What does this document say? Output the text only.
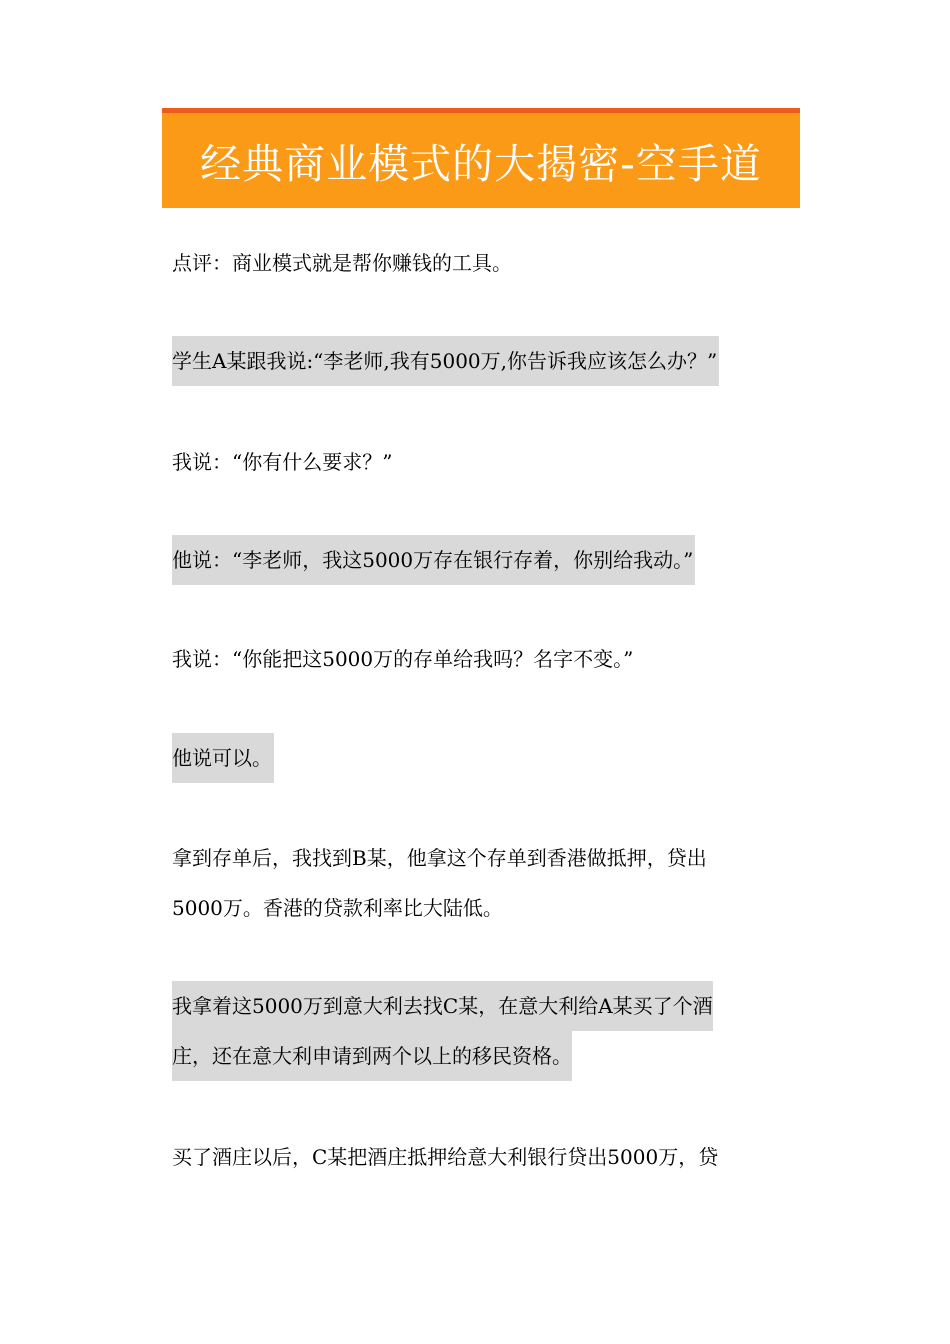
经典商业模式的大揭密-空手道
点评：商业模式就是帮你赚钱的工具。
学生A某跟我说:“李老师,我有5000万,你告诉我应该怎么办？”
我说：“你有什么要求？”
他说：“李老师，我这5000万存在银行存着，你别给我动。”
我说：“你能把这5000万的存单给我吗？名字不变。”
他说可以。
拿到存单后，我找到B某，他拿这个存单到香港做抵押，贷出
5000万。香港的贷款利率比大陆低。
我拿着这5000万到意大利去找C某，在意大利给A某买了个酒
庄，还在意大利申请到两个以上的移民资格。
买了酒庄以后，C某把酒庄抵押给意大利银行贷出5000万，贷
